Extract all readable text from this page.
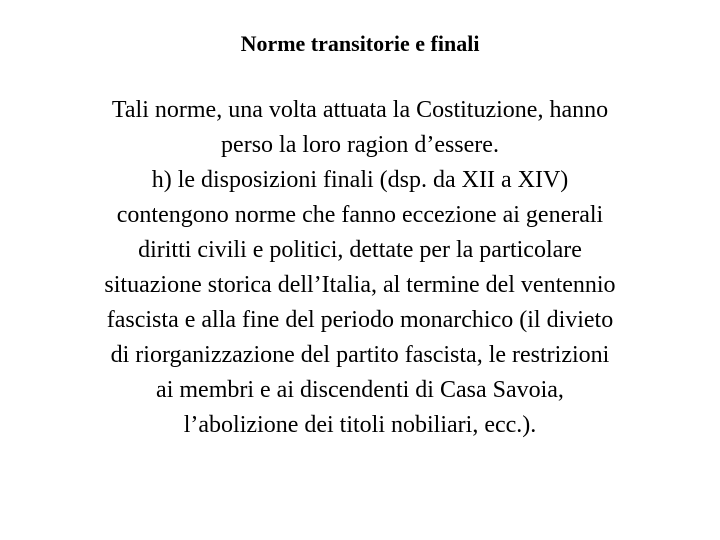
Norme transitorie e finali
Tali norme, una volta attuata la Costituzione, hanno
perso la loro ragion d’essere.
h) le disposizioni finali (dsp. da XII a XIV)
contengono norme che fanno eccezione ai generali
diritti civili e politici, dettate per la particolare
situazione storica dell’Italia, al termine del ventennio
fascista e alla fine del periodo monarchico (il divieto
di riorganizzazione del partito fascista, le restrizioni
ai membri e ai discendenti di Casa Savoia,
l’abolizione dei titoli nobiliari, ecc.).
